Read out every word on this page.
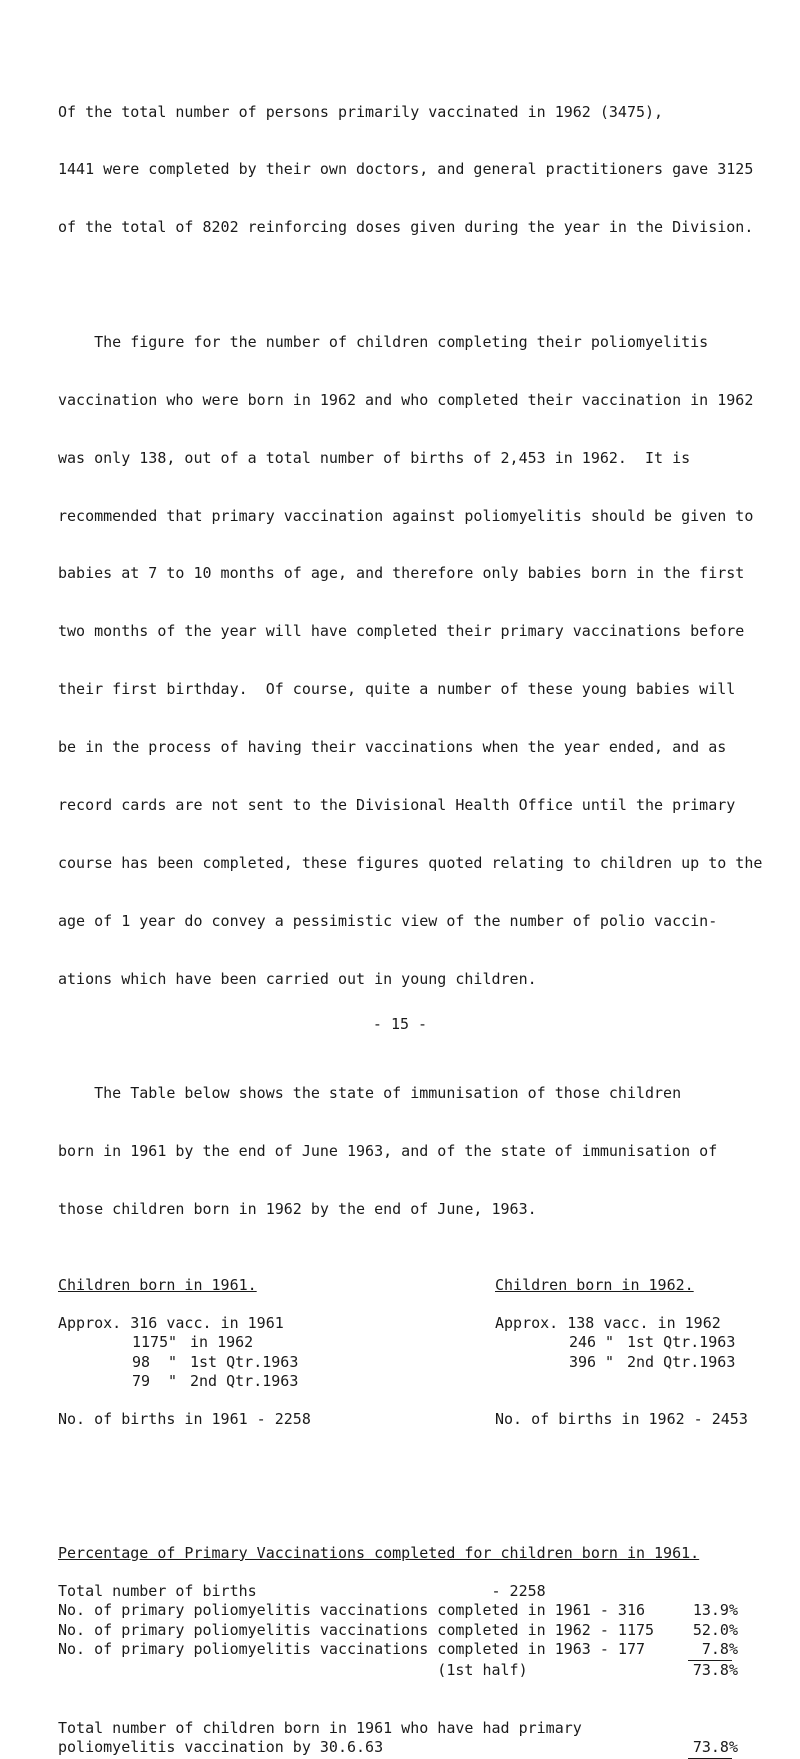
Of the total number of persons primarily vaccinated in 1962 (3475),

1441 were completed by their own doctors, and general practitioners gave 3125

of the total of 8202 reinforcing doses given during the year in the Division.

The figure for the number of children completing their poliomyelitis

vaccination who were born in 1962 and who completed their vaccination in 1962

was only 138, out of a total number of births of 2,453 in 1962.  It is

recommended that primary vaccination against poliomyelitis should be given to

babies at 7 to 10 months of age, and therefore only babies born in the first

two months of the year will have completed their primary vaccinations before

their first birthday.  Of course, quite a number of these young babies will

be in the process of having their vaccinations when the year ended, and as

record cards are not sent to the Divisional Health Office until the primary

course has been completed, these figures quoted relating to children up to the

age of 1 year do convey a pessimistic view of the number of polio vaccin-

ations which have been carried out in young children.

The Table below shows the state of immunisation of those children

born in 1961 by the end of June 1963, and of the state of immunisation of

those children born in 1962 by the end of June, 1963.

Children born in 1961.
Approx. 316 vacc. in 1961
1175 " in 1962
98	" 1st Qtr.1963
79	" 2nd Qtr.1963
No. of births in 1961 - 2258
Children born in 1962.
Approx. 138 vacc. in 1962
246 " 1st Qtr.1963
396 " 2nd Qtr.1963
No. of births in 1962 - 2453
Percentage of Primary Vaccinations completed for children born in 1961.
Total number of births                          - 2258
No. of primary poliomyelitis vaccinations completed in 1961 - 316	13.9%
No. of primary poliomyelitis vaccinations completed in 1962 - 1175	52.0%
No. of primary poliomyelitis vaccinations completed in 1963 - 177	7.8%
(1st half)	73.8%
Total number of children born in 1961 who have had primary
poliomyelitis vaccination by 30.6.63	73.8%
- 15 -
